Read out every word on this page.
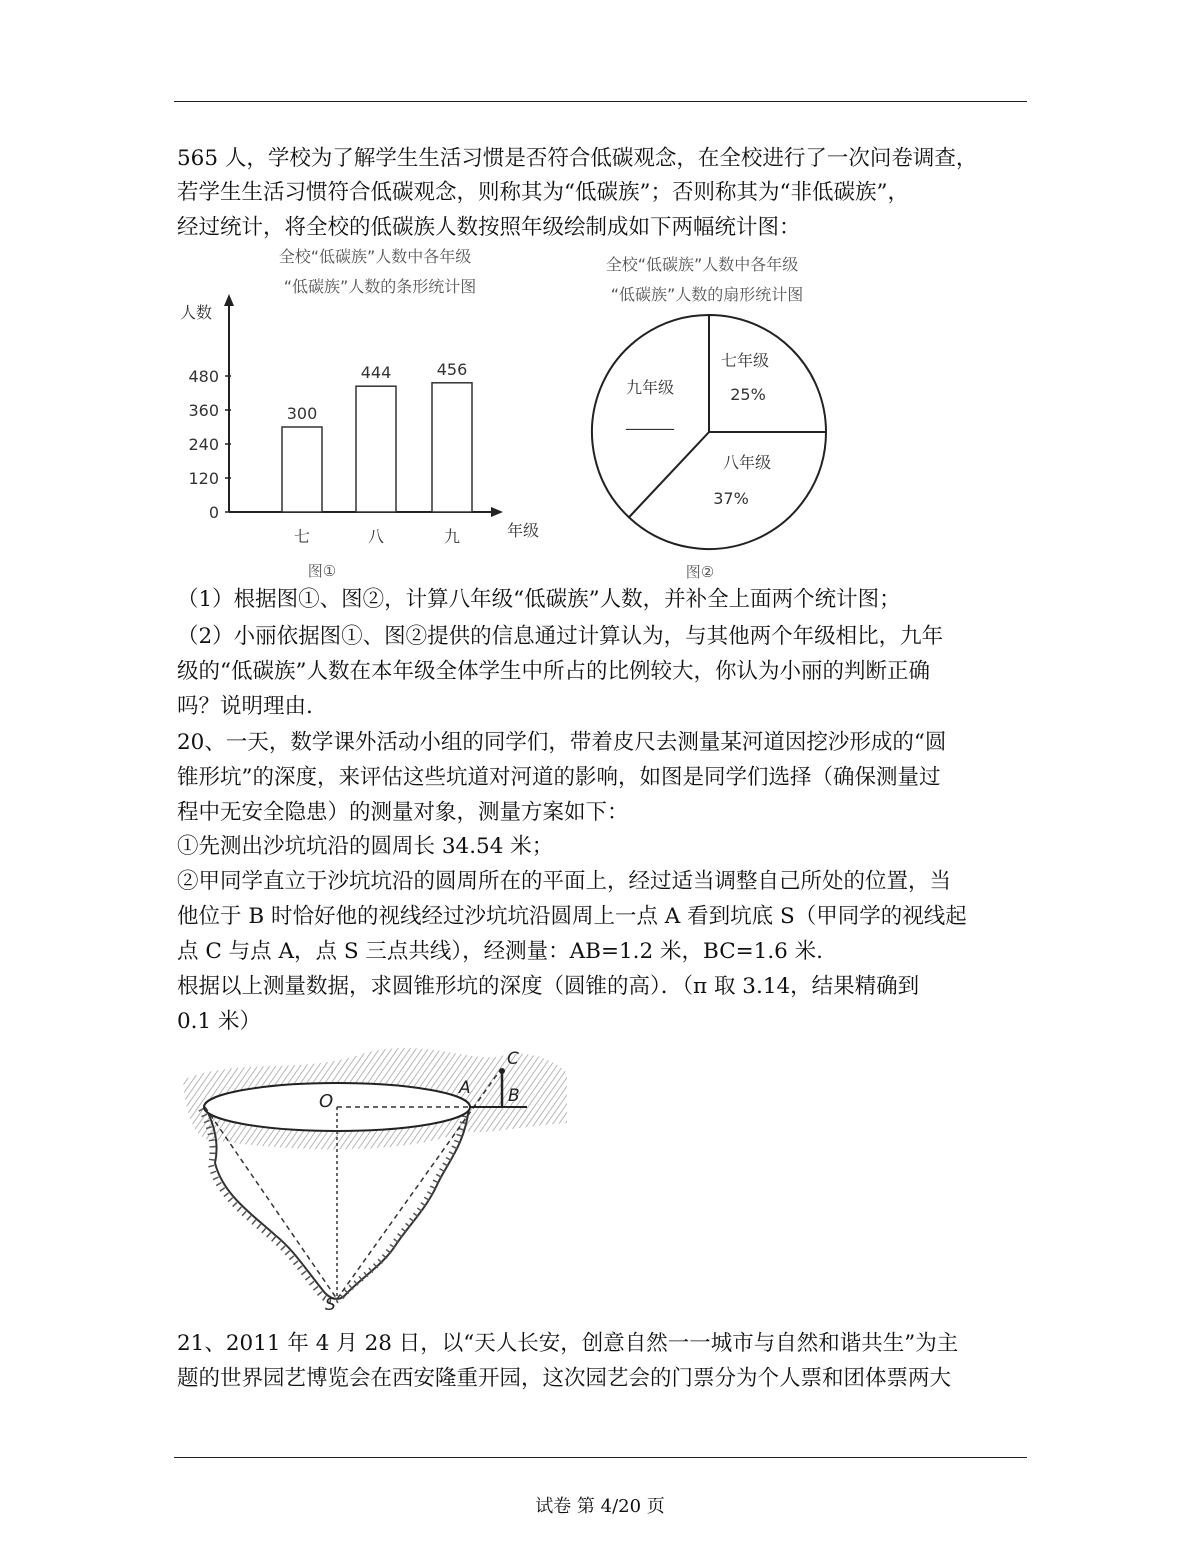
565 人，学校为了解学生生活习惯是否符合低碳观念，在全校进行了一次问卷调查，
若学生生活习惯符合低碳观念，则称其为“低碳族”；否则称其为“非低碳族”，
经过统计，将全校的低碳族人数按照年级绘制成如下两幅统计图：
全校“低碳族”人数中各年级
“低碳族”人数的条形统计图
人数
年级
0
120
240
360
480
300
七
444
八
456
九
图①
全校“低碳族”人数中各年级
“低碳族”人数的扇形统计图
七年级
25%
八年级
37%
九年级
______
图②
（1）根据图①、图②，计算八年级“低碳族”人数，并补全上面两个统计图；
（2）小丽依据图①、图②提供的信息通过计算认为，与其他两个年级相比，九年
级的“低碳族”人数在本年级全体学生中所占的比例较大，你认为小丽的判断正确
吗？说明理由.
20、一天，数学课外活动小组的同学们，带着皮尺去测量某河道因挖沙形成的“圆
锥形坑”的深度，来评估这些坑道对河道的影响，如图是同学们选择（确保测量过
程中无安全隐患）的测量对象，测量方案如下：
①先测出沙坑坑沿的圆周长 34.54 米；
②甲同学直立于沙坑坑沿的圆周所在的平面上，经过适当调整自己所处的位置，当
他位于 B 时恰好他的视线经过沙坑坑沿圆周上一点 A 看到坑底 S（甲同学的视线起
点 C 与点 A，点 S 三点共线），经测量：AB=1.2 米，BC=1.6 米.
根据以上测量数据，求圆锥形坑的深度（圆锥的高）．（π 取 3.14，结果精确到
0.1 米）
C
A B
O
S
21、2011 年 4 月 28 日，以“天人长安，创意自然一一城市与自然和谐共生”为主
题的世界园艺博览会在西安隆重开园，这次园艺会的门票分为个人票和团体票两大
试卷 第 4/20 页
